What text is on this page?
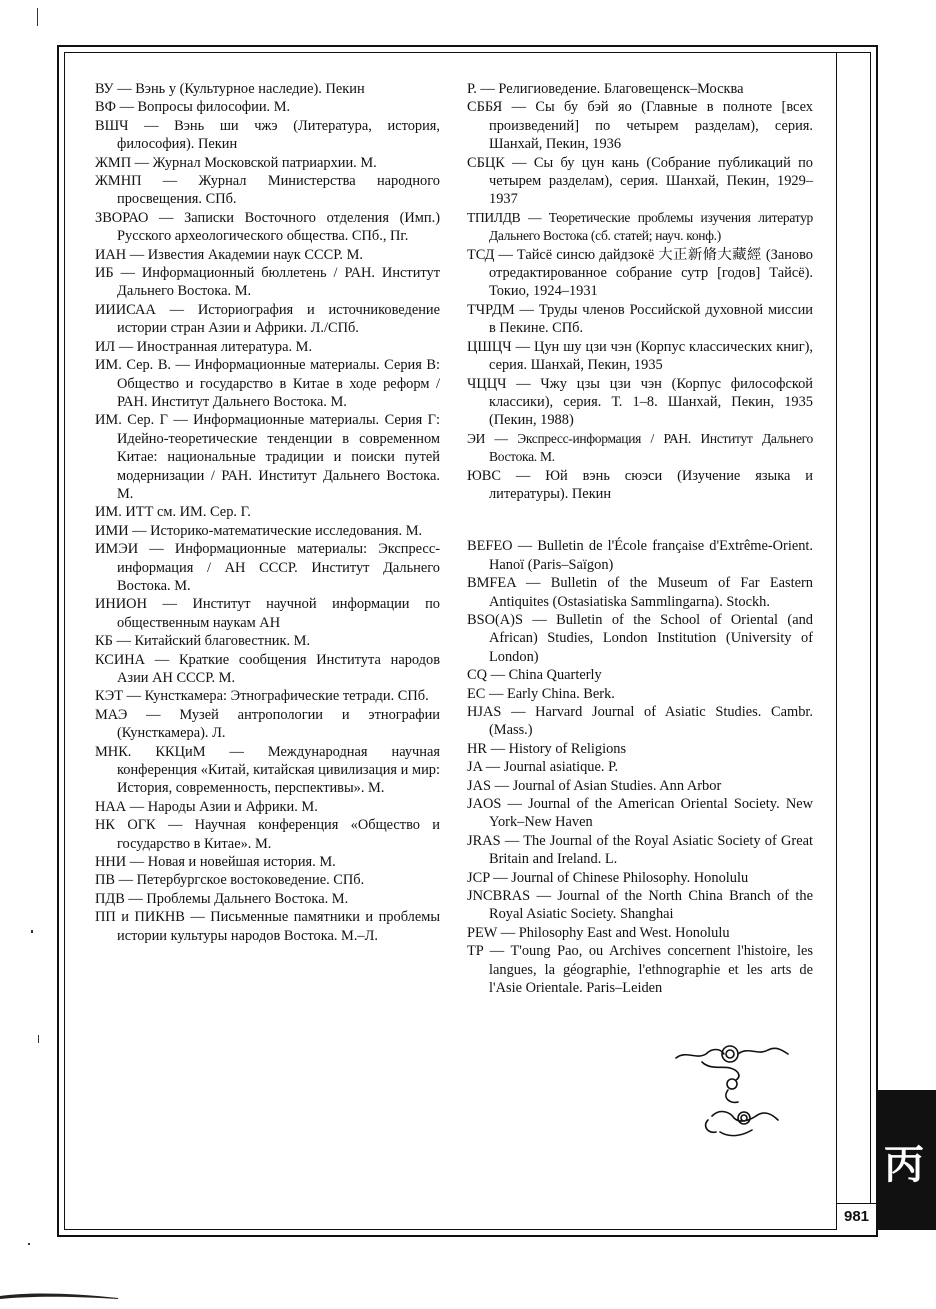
ВУ — Вэнь у (Культурное наследие). Пекин
ВФ — Вопросы философии. М.
ВШЧ — Вэнь ши чжэ (Литература, история, философия). Пекин
ЖМП — Журнал Московской патриархии. М.
ЖМНП — Журнал Министерства народного просвещения. СПб.
ЗВОРАО — Записки Восточного отделения (Имп.) Русского археологического общества. СПб., Пг.
ИАН — Известия Академии наук СССР. М.
ИБ — Информационный бюллетень / РАН. Институт Дальнего Востока. М.
ИИИСАА — Историография и источниковедение истории стран Азии и Африки. Л./СПб.
ИЛ — Иностранная литература. М.
ИМ. Сер. В. — Информационные материалы. Серия В: Общество и государство в Китае в ходе реформ / РАН. Институт Дальнего Востока. М.
ИМ. Сер. Г — Информационные материалы. Серия Г: Идейно-теоретические тенденции в современном Китае: национальные традиции и поиски путей модернизации / РАН. Институт Дальнего Востока. М.
ИМ. ИТТ см. ИМ. Сер. Г.
ИМИ — Историко-математические исследования. М.
ИМЭИ — Информационные материалы: Экспресс-информация / АН СССР. Институт Дальнего Востока. М.
ИНИОН — Институт научной информации по общественным наукам АН
КБ — Китайский благовестник. М.
КСИНА — Краткие сообщения Института народов Азии АН СССР. М.
КЭТ — Кунсткамера: Этнографические тетради. СПб.
МАЭ — Музей антропологии и этнографии (Кунсткамера). Л.
МНК. ККЦиМ — Международная научная конференция «Китай, китайская цивилизация и мир: История, современность, перспективы». М.
НАА — Народы Азии и Африки. М.
НК ОГК — Научная конференция «Общество и государство в Китае». М.
ННИ — Новая и новейшая история. М.
ПВ — Петербургское востоковедение. СПб.
ПДВ — Проблемы Дальнего Востока. М.
ПП и ПИКНВ — Письменные памятники и проблемы истории культуры народов Востока. М.–Л.
Р. — Религиоведение. Благовещенск–Москва
СББЯ — Сы бу бэй яо (Главные в полноте [всех произведений] по четырем разделам), серия. Шанхай, Пекин, 1936
СБЦК — Сы бу цун кань (Собрание публикаций по четырем разделам), серия. Шанхай, Пекин, 1929–1937
ТПИЛДВ — Теоретические проблемы изучения литератур Дальнего Востока (сб. статей; науч. конф.)
ТСД — Тайсё синсю дайдзокё 大正新脩大藏經 (Заново отредактированное собрание сутр [годов] Тайсё). Токио, 1924–1931
ТЧРДМ — Труды членов Российской духовной миссии в Пекине. СПб.
ЦШЦЧ — Цун шу цзи чэн (Корпус классических книг), серия. Шанхай, Пекин, 1935
ЧЦЦЧ — Чжу цзы цзи чэн (Корпус философской классики), серия. Т. 1–8. Шанхай, Пекин, 1935 (Пекин, 1988)
ЭИ — Экспресс-информация / РАН. Институт Дальнего Востока. М.
ЮВС — Юй вэнь сюэси (Изучение языка и литературы). Пекин
BEFEO — Bulletin de l'École française d'Extrême-Orient. Hanoï (Paris–Saïgon)
BMFEA — Bulletin of the Museum of Far Eastern Antiquites (Ostasiatiska Sammlingarna). Stockh.
BSO(A)S — Bulletin of the School of Oriental (and African) Studies, London Institution (University of London)
CQ — China Quarterly
EC — Early China. Berk.
HJAS — Harvard Journal of Asiatic Studies. Cambr. (Mass.)
HR — History of Religions
JA — Journal asiatique. P.
JAS — Journal of Asian Studies. Ann Arbor
JAOS — Journal of the American Oriental Society. New York–New Haven
JRAS — The Journal of the Royal Asiatic Society of Great Britain and Ireland. L.
JCP — Journal of Chinese Philosophy. Honolulu
JNCBRAS — Journal of the North China Branch of the Royal Asiatic Society. Shanghai
PEW — Philosophy East and West. Honolulu
TP — T'oung Pao, ou Archives concernent l'histoire, les langues, la géographie, l'ethnographie et les arts de l'Asie Orientale. Paris–Leiden
丙
981
